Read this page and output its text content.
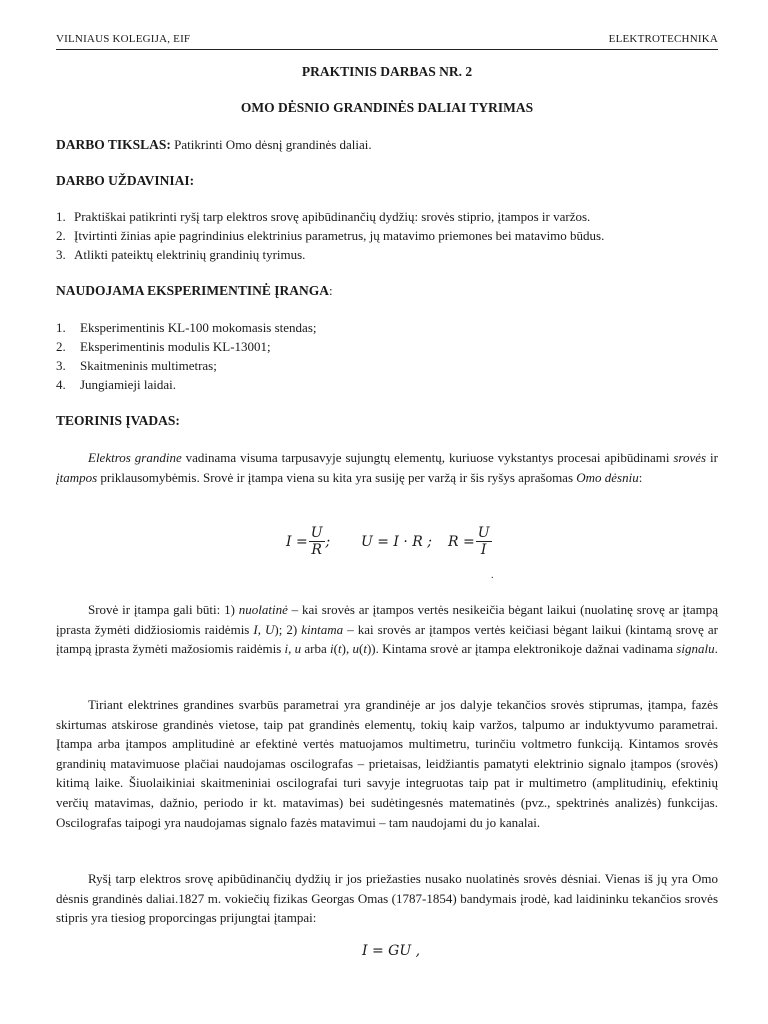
VILNIAUS KOLEGIJA, EIF	ELEKTROTECHNIKA
PRAKTINIS DARBAS NR. 2
OMO DĖSNIO GRANDINĖS DALIAI TYRIMAS
DARBO TIKSLAS: Patikrinti Omo dėsnį grandinės daliai.
DARBO UŽDAVINIAI:
1. Praktiškai patikrinti ryšį tarp elektros srovę apibūdinančių dydžių: srovės stiprio, įtampos ir varžos.
2. Įtvirtinti žinias apie pagrindinius elektrinius parametrus, jų matavimo priemones bei matavimo būdus.
3. Atlikti pateiktų elektrinių grandinių tyrimus.
NAUDOJAMA EKSPERIMENTINĖ ĮRANGA:
1. Eksperimentinis KL-100 mokomasis stendas;
2. Eksperimentinis modulis KL-13001;
3. Skaitmeninis multimetras;
4. Jungiamieji laidai.
TEORINIS ĮVADAS:
Elektros grandine vadinama visuma tarpusavyje sujungtų elementų, kuriuose vykstantys procesai apibūdinami srovės ir įtampos priklausomybėmis. Srovė ir įtampa viena su kita yra susiję per varžą ir šis ryšys aprašomas Omo dėsniu:
$I = \frac{U}{R}$ ; U = I · R ; $R = \frac{U}{I}$
.
Srovė ir įtampa gali būti: 1) nuolatinė – kai srovės ar įtampos vertės nesikeičia bėgant laikui (nuolatinę srovę ar įtampą įprasta žymėti didžiosiomis raidėmis I, U); 2) kintama – kai srovės ar įtampos vertės keičiasi bėgant laikui (kintamą srovę ar įtampą įprasta žymėti mažosiomis raidėmis i, u arba i(t), u(t)). Kintama srovė ar įtampa elektronikoje dažnai vadinama signalu.
Tiriant elektrines grandines svarbūs parametrai yra grandinėje ar jos dalyje tekančios srovės stiprumas, įtampa, fazės skirtumas atskirose grandinės vietose, taip pat grandinės elementų, tokių kaip varžos, talpumo ar induktyvumo parametrai. Įtampa arba įtampos amplitudinė ar efektinė vertės matuojamos multimetru, turinčiu voltmetro funkciją. Kintamos srovės grandinių matavimuose plačiai naudojamas oscilografas – prietaisas, leidžiantis pamatyti elektrinio signalo įtampos (srovės) kitimą laike. Šiuolaikiniai skaitmeniniai oscilografai turi savyje integruotas taip pat ir multimetro (amplitudinių, efektinių verčių matavimas, dažnio, periodo ir kt. matavimas) bei sudėtingesnės matematinės (pvz., spektrinės analizės) funkcijas. Oscilografas taipogi yra naudojamas signalo fazės matavimui – tam naudojami du jo kanalai.
Ryšį tarp elektros srovę apibūdinančių dydžių ir jos priežasties nusako nuolatinės srovės dėsniai. Vienas iš jų yra Omo dėsnis grandinės daliai.1827 m. vokiečių fizikas Georgas Omas (1787-1854) bandymais įrodė, kad laidininku tekančios srovės stipris yra tiesiog proporcingas prijungtai įtampai:
I = GU ,
